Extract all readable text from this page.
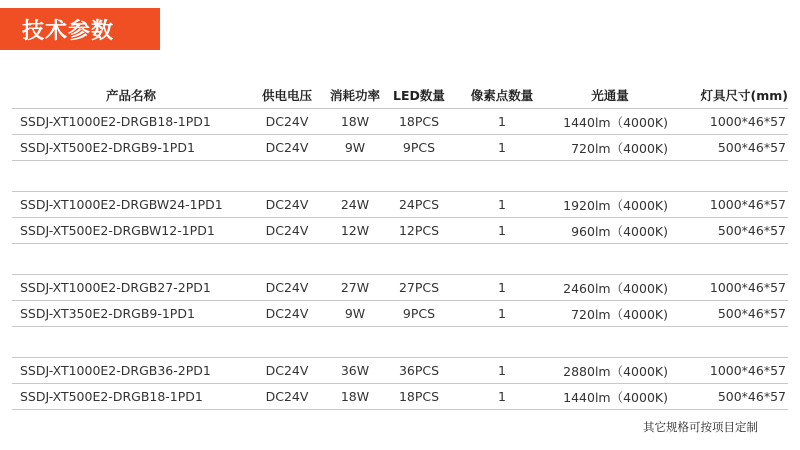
技术参数
产品名称	供电电压	消耗功率	LED数量	像素点数量	光通量	灯具尺寸(mm)
SSDJ-XT1000E2-DRGB18-1PD1	DC24V	18W	18PCS	1	1440lm（4000K)	1000*46*57
SSDJ-XT500E2-DRGB9-1PD1	DC24V	9W	9PCS	1	720lm（4000K)	500*46*57

SSDJ-XT1000E2-DRGBW24-1PD1	DC24V	24W	24PCS	1	1920lm（4000K)	1000*46*57
SSDJ-XT500E2-DRGBW12-1PD1	DC24V	12W	12PCS	1	960lm（4000K)	500*46*57

SSDJ-XT1000E2-DRGB27-2PD1	DC24V	27W	27PCS	1	2460lm（4000K)	1000*46*57
SSDJ-XT350E2-DRGB9-1PD1	DC24V	9W	9PCS	1	720lm（4000K)	500*46*57

SSDJ-XT1000E2-DRGB36-2PD1	DC24V	36W	36PCS	1	2880lm（4000K)	1000*46*57
SSDJ-XT500E2-DRGB18-1PD1	DC24V	18W	18PCS	1	1440lm（4000K)	500*46*57
其它规格可按项目定制
